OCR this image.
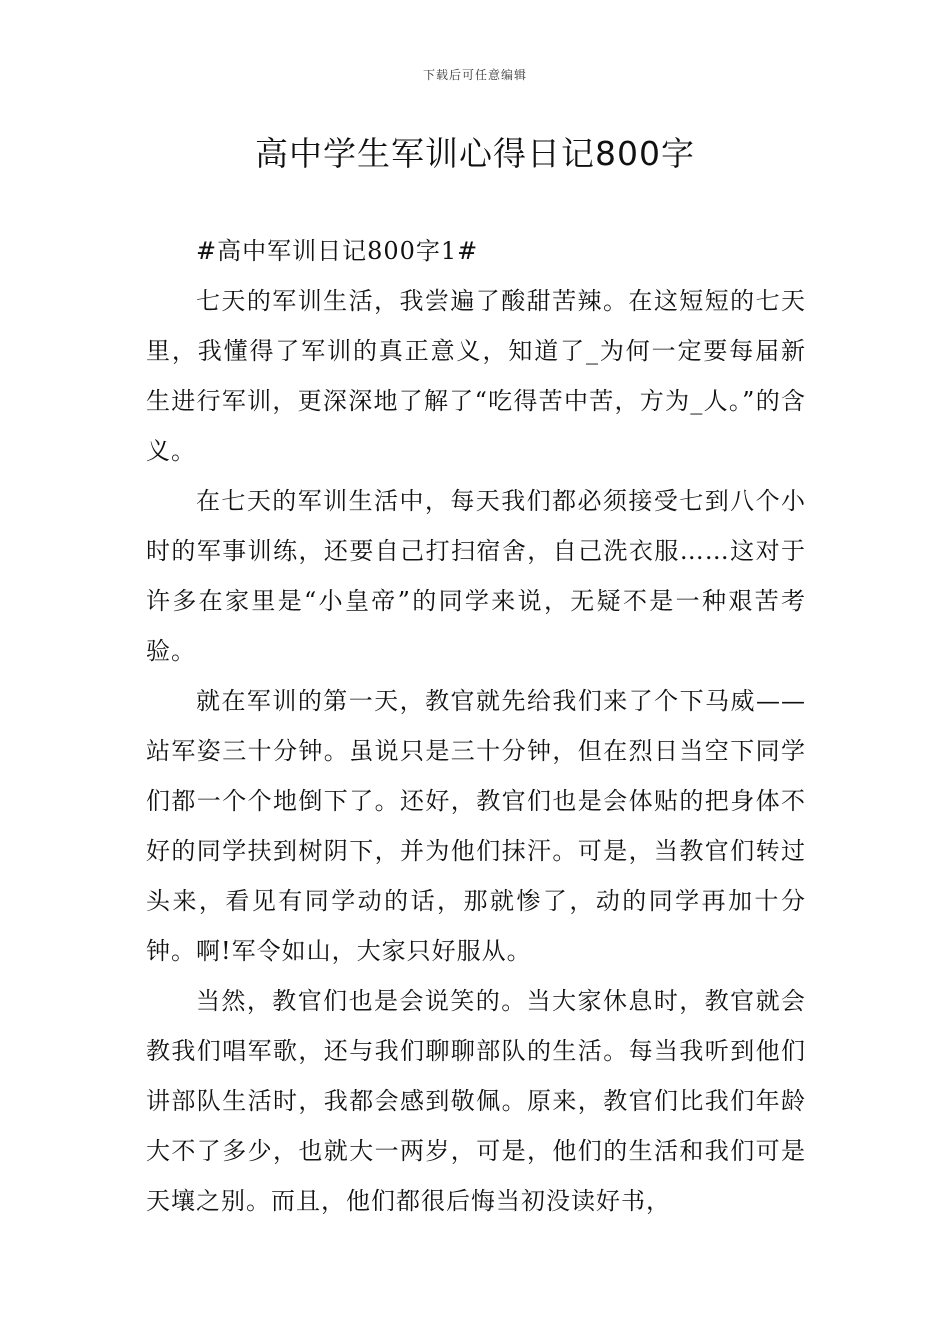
下载后可任意编辑
高中学生军训心得日记800字

#高中军训日记800字1#

七天的军训生活，我尝遍了酸甜苦辣。在这短短的七天里，我懂得了军训的真正意义，知道了_为何一定要每届新生进行军训，更深深地了解了“吃得苦中苦，方为_人。”的含义。

在七天的军训生活中，每天我们都必须接受七到八个小时的军事训练，还要自己打扫宿舍，自己洗衣服……这对于许多在家里是“小皇帝”的同学来说，无疑不是一种艰苦考验。

就在军训的第一天，教官就先给我们来了个下马威——站军姿三十分钟。虽说只是三十分钟，但在烈日当空下同学们都一个个地倒下了。还好，教官们也是会体贴的把身体不好的同学扶到树阴下，并为他们抹汗。可是，当教官们转过头来，看见有同学动的话，那就惨了，动的同学再加十分钟。啊!军令如山，大家只好服从。

当然，教官们也是会说笑的。当大家休息时，教官就会教我们唱军歌，还与我们聊聊部队的生活。每当我听到他们讲部队生活时，我都会感到敬佩。原来，教官们比我们年龄大不了多少，也就大一两岁，可是，他们的生活和我们可是天壤之别。而且，他们都很后悔当初没读好书，
